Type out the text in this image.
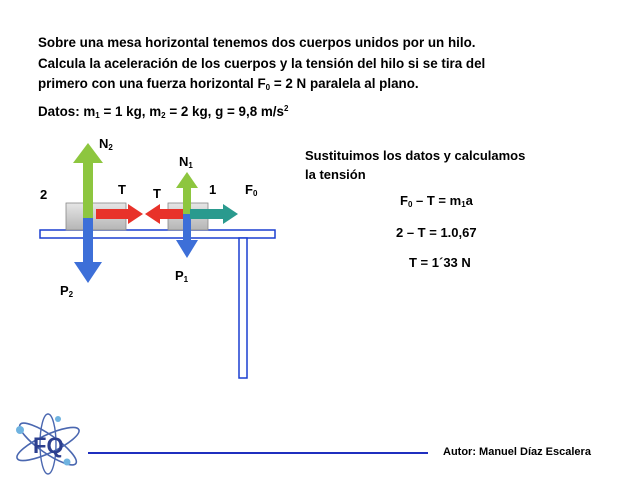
Sobre una mesa horizontal tenemos dos cuerpos unidos por un hilo.
Calcula la aceleración de los cuerpos y la tensión del hilo si se tira del
primero con una fuerza horizontal $F_0 = 2$ N paralela al plano.
Datos: $m_1 = 1$ kg, $m_2 = 2$ kg, g = 9,8 $m/s^2$
FQ
$N_2$
$N_1$
2	T T	1 $F_0$
$P_1$
$P_2$
Sustituimos los datos y calculamos
la tensión
$F_0 - T = m_1a$
2 – T = 1.0,67
T = 1´33 N
Autor: Manuel Díaz Escalera
